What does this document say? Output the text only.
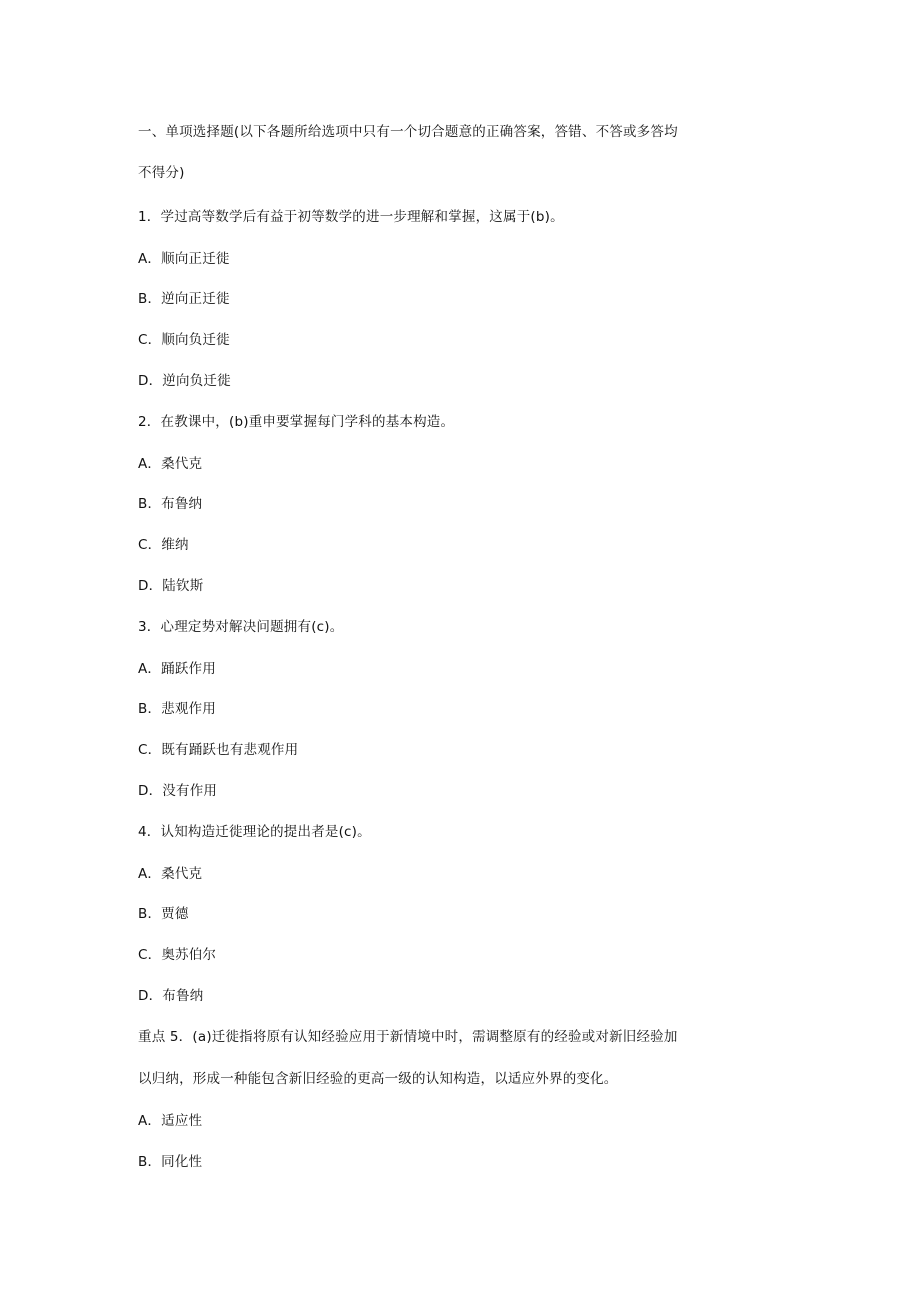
一、单项选择题(以下各题所给选项中只有一个切合题意的正确答案，答错、不答或多答均

不得分)

1．学过高等数学后有益于初等数学的进一步理解和掌握，这属于(b)。

A．顺向正迁徙

B．逆向正迁徙

C．顺向负迁徙

D．逆向负迁徙

2．在教课中，(b)重申要掌握每门学科的基本构造。

A．桑代克

B．布鲁纳

C．维纳

D．陆钦斯

3．心理定势对解决问题拥有(c)。

A．踊跃作用

B．悲观作用

C．既有踊跃也有悲观作用

D．没有作用

4．认知构造迁徙理论的提出者是(c)。

A．桑代克

B．贾德

C．奥苏伯尔

D．布鲁纳

重点 5．(a)迁徙指将原有认知经验应用于新情境中时，需调整原有的经验或对新旧经验加

以归纳，形成一种能包含新旧经验的更高一级的认知构造，以适应外界的变化。

A．适应性

B．同化性
